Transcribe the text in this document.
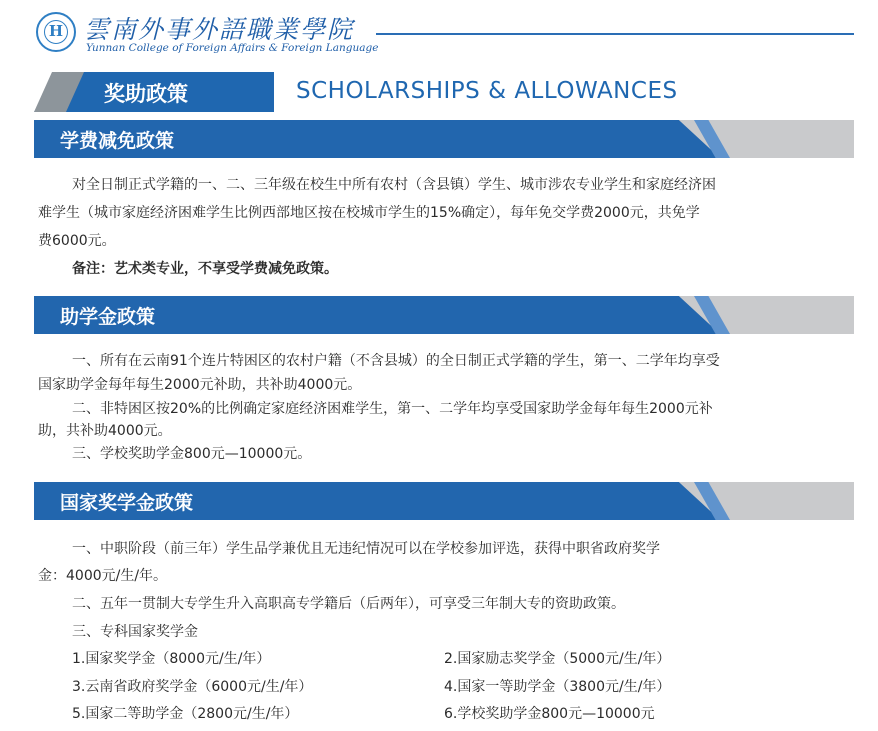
H 雲南外事外語職業學院
Yunnan College of Foreign Affairs & Foreign Language
奖助政策	SCHOLARSHIPS & ALLOWANCES
学费减免政策
对全日制正式学籍的一、二、三年级在校生中所有农村（含县镇）学生、城市涉农专业学生和家庭经济困
难学生（城市家庭经济困难学生比例西部地区按在校城市学生的15%确定），每年免交学费2000元，共免学
费6000元。
备注：艺术类专业，不享受学费减免政策。
助学金政策
一、所有在云南91个连片特困区的农村户籍（不含县城）的全日制正式学籍的学生，第一、二学年均享受
国家助学金每年每生2000元补助，共补助4000元。
二、非特困区按20%的比例确定家庭经济困难学生，第一、二学年均享受国家助学金每年每生2000元补
助，共补助4000元。
三、学校奖助学金800元—10000元。
国家奖学金政策
一、中职阶段（前三年）学生品学兼优且无违纪情况可以在学校参加评选，获得中职省政府奖学
金：4000元/生/年。
二、五年一贯制大专学生升入高职高专学籍后（后两年），可享受三年制大专的资助政策。
三、专科国家奖学金
1.国家奖学金（8000元/生/年）	2.国家励志奖学金（5000元/生/年）
3.云南省政府奖学金（6000元/生/年）	4.国家一等助学金（3800元/生/年）
5.国家二等助学金（2800元/生/年）	6.学校奖助学金800元—10000元
